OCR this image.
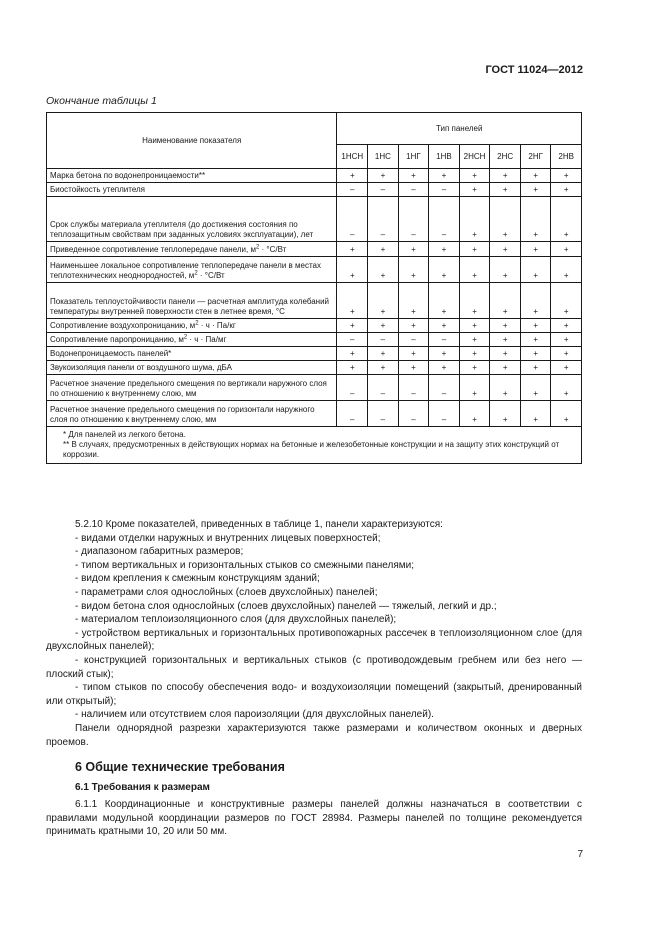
ГОСТ 11024—2012
Окончание таблицы 1
Наименование показателя	Тип панелей							
	1НСН	1НС	1НГ	1НВ	2НСН	2НС	2НГ	2НВ
Марка бетона по водонепроницаемости**	+	+	+	+	+	+	+	+
Биостойкость утеплителя	–	–	–	–	+	+	+	+
Срок службы материала утеплителя (до достижения состояния по теплозащитным свойствам при заданных условиях эксплуатации), лет	–	–	–	–	+	+	+	+
Приведенное сопротивление теплопередаче панели, $м^2 \cdot ^\circ С/Вт$	+	+	+	+	+	+	+	+
Наименьшее локальное сопротивление теплопередаче панели в местах теплотехнических неоднородностей, $м^2 \cdot ^\circ С/Вт$	+	+	+	+	+	+	+	+
Показатель теплоустойчивости панели — расчетная амплитуда колебаний температуры внутренней поверхности стен в летнее время, °С	+	+	+	+	+	+	+	+
Сопротивление воздухопроницанию, $м^2 \cdot ч \cdot Па/кг$	+	+	+	+	+	+	+	+
Сопротивление паропроницанию, $м^2 \cdot ч \cdot Па/мг$	–	–	–	–	+	+	+	+
Водонепроницаемость панелей*	+	+	+	+	+	+	+	+
Звукоизоляция панели от воздушного шума, дБА	+	+	+	+	+	+	+	+
Расчетное значение предельного смещения по вертикали наружного слоя по отношению к внутреннему слою, мм	–	–	–	–	+	+	+	+
Расчетное значение предельного смещения по горизонтали наружного слоя по отношению к внутреннему слою, мм	–	–	–	–	+	+	+	+

* Для панелей из легкого бетона.
** В случаях, предусмотренных в действующих нормах на бетонные и железобетонные конструкции и на защиту этих конструкций от коррозии.								

5.2.10 Кроме показателей, приведенных в таблице 1, панели характеризуются:

- видами отделки наружных и внутренних лицевых поверхностей;

- диапазоном габаритных размеров;

- типом вертикальных и горизонтальных стыков со смежными панелями;

- видом крепления к смежным конструкциям зданий;

- параметрами слоя однослойных (слоев двухслойных) панелей;

- видом бетона слоя однослойных (слоев двухслойных) панелей — тяжелый, легкий и др.;

- материалом теплоизоляционного слоя (для двухслойных панелей);

- устройством вертикальных и горизонтальных противопожарных рассечек в теплоизоляционном слое (для двухслойных панелей);

- конструкцией горизонтальных и вертикальных стыков (с противодождевым гребнем или без него — плоский стык);

- типом стыков по способу обеспечения водо- и воздухоизоляции помещений (закрытый, дренированный или открытый);

- наличием или отсутствием слоя пароизоляции (для двухслойных панелей).

Панели однорядной разрезки характеризуются также размерами и количеством оконных и дверных проемов.

6 Общие технические требования
6.1 Требования к размерам

6.1.1 Координационные и конструктивные размеры панелей должны назначаться в соответствии с правилами модульной координации размеров по ГОСТ 28984. Размеры панелей по толщине рекомендуется принимать кратными 10, 20 или 50 мм.

7
